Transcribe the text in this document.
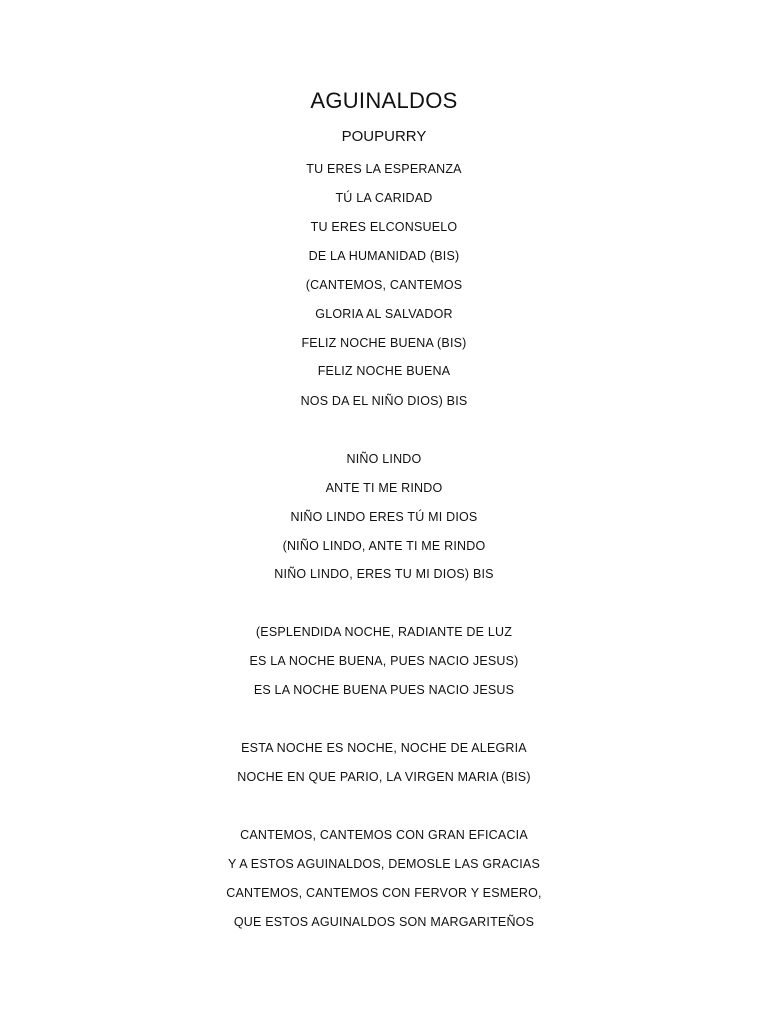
AGUINALDOS
POUPURRY
TU ERES LA ESPERANZA
TÚ LA CARIDAD
TU ERES ELCONSUELO
DE LA HUMANIDAD (BIS)
(CANTEMOS, CANTEMOS
GLORIA AL SALVADOR
FELIZ NOCHE BUENA (BIS)
FELIZ NOCHE BUENA
NOS DA EL NIÑO DIOS) BIS
NIÑO LINDO
ANTE TI ME RINDO
NIÑO LINDO ERES TÚ MI DIOS
(NIÑO LINDO, ANTE TI ME RINDO
NIÑO LINDO, ERES TU MI DIOS) BIS
(ESPLENDIDA NOCHE, RADIANTE DE LUZ
ES LA NOCHE BUENA, PUES NACIO JESUS)
ES LA NOCHE BUENA PUES NACIO JESUS
ESTA NOCHE ES NOCHE, NOCHE DE ALEGRIA
NOCHE EN QUE PARIO, LA VIRGEN MARIA (BIS)
CANTEMOS, CANTEMOS CON GRAN EFICACIA
Y A ESTOS AGUINALDOS, DEMOSLE LAS GRACIAS
CANTEMOS, CANTEMOS CON FERVOR Y ESMERO,
QUE ESTOS AGUINALDOS SON MARGARITEÑOS
